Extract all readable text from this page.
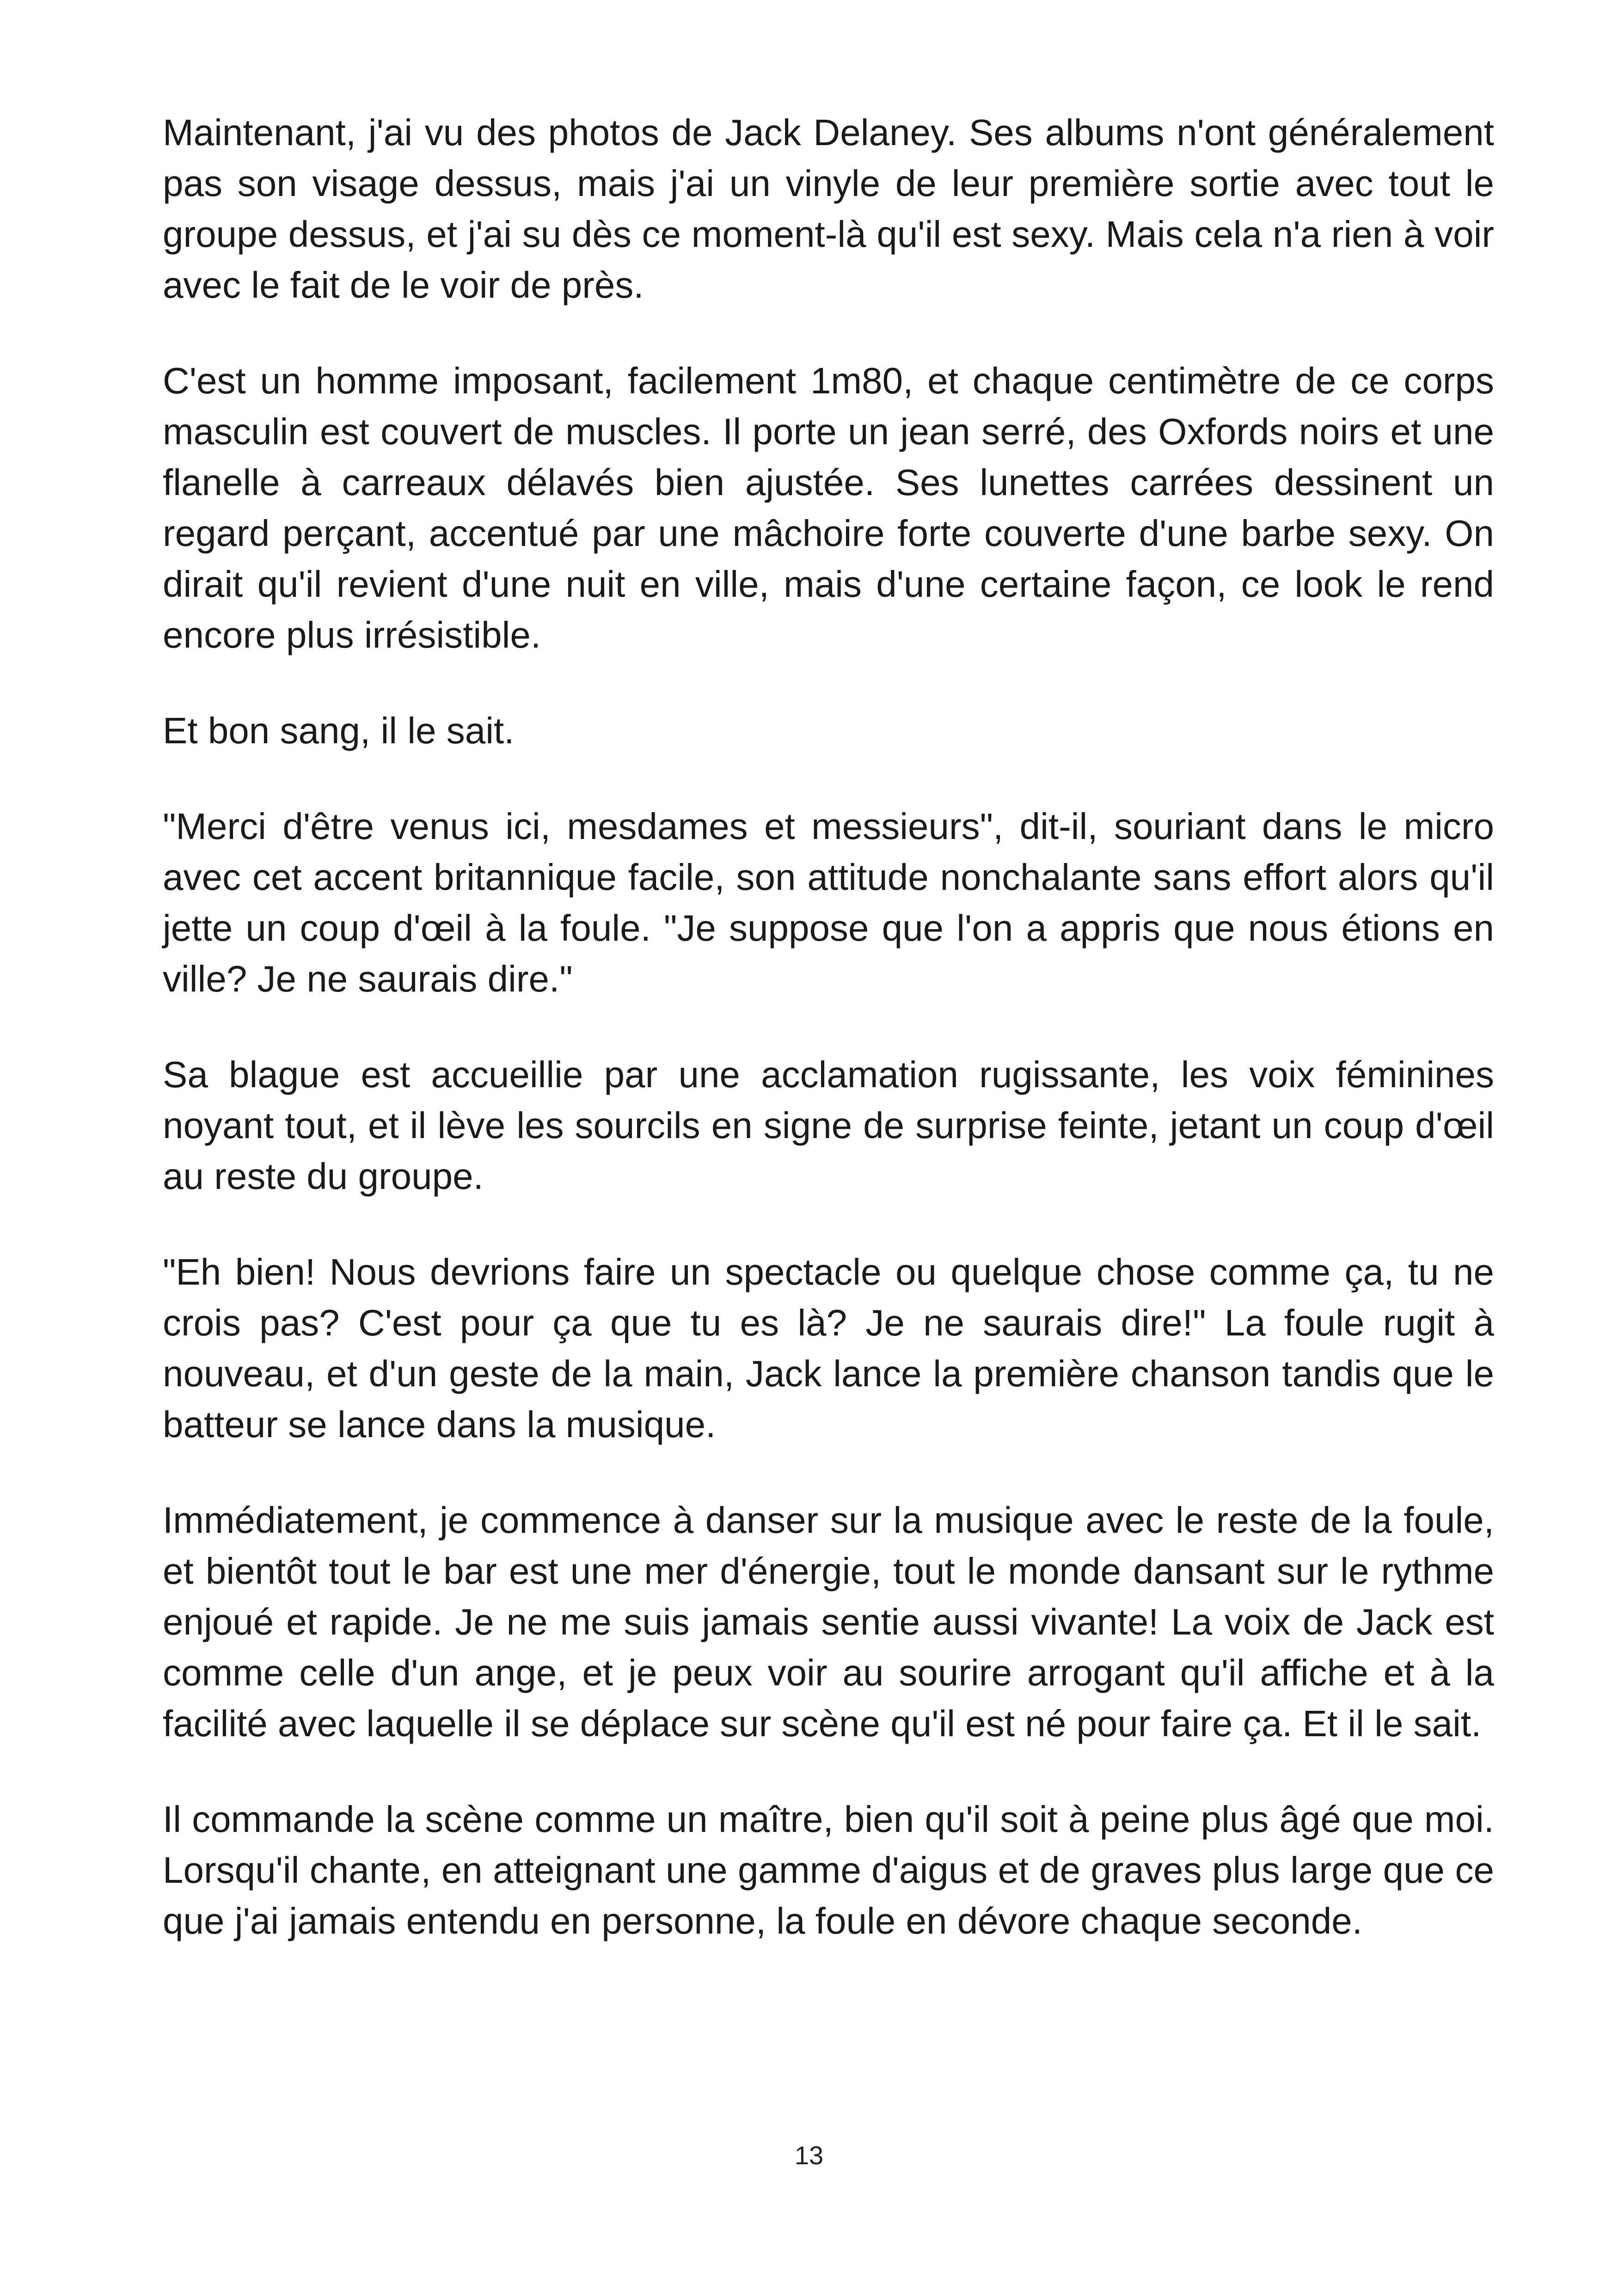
Maintenant, j'ai vu des photos de Jack Delaney. Ses albums n'ont généralement pas son visage dessus, mais j'ai un vinyle de leur première sortie avec tout le groupe dessus, et j'ai su dès ce moment-là qu'il est sexy. Mais cela n'a rien à voir avec le fait de le voir de près.

C'est un homme imposant, facilement 1m80, et chaque centimètre de ce corps masculin est couvert de muscles. Il porte un jean serré, des Oxfords noirs et une flanelle à carreaux délavés bien ajustée. Ses lunettes carrées dessinent un regard perçant, accentué par une mâchoire forte couverte d'une barbe sexy. On dirait qu'il revient d'une nuit en ville, mais d'une certaine façon, ce look le rend encore plus irrésistible.

Et bon sang, il le sait.

"Merci d'être venus ici, mesdames et messieurs", dit-il, souriant dans le micro avec cet accent britannique facile, son attitude nonchalante sans effort alors qu'il jette un coup d'œil à la foule. "Je suppose que l'on a appris que nous étions en ville? Je ne saurais dire."

Sa blague est accueillie par une acclamation rugissante, les voix féminines noyant tout, et il lève les sourcils en signe de surprise feinte, jetant un coup d'œil au reste du groupe.

"Eh bien! Nous devrions faire un spectacle ou quelque chose comme ça, tu ne crois pas? C'est pour ça que tu es là? Je ne saurais dire!" La foule rugit à nouveau, et d'un geste de la main, Jack lance la première chanson tandis que le batteur se lance dans la musique.

Immédiatement, je commence à danser sur la musique avec le reste de la foule, et bientôt tout le bar est une mer d'énergie, tout le monde dansant sur le rythme enjoué et rapide. Je ne me suis jamais sentie aussi vivante! La voix de Jack est comme celle d'un ange, et je peux voir au sourire arrogant qu'il affiche et à la facilité avec laquelle il se déplace sur scène qu'il est né pour faire ça. Et il le sait.

Il commande la scène comme un maître, bien qu'il soit à peine plus âgé que moi. Lorsqu'il chante, en atteignant une gamme d'aigus et de graves plus large que ce que j'ai jamais entendu en personne, la foule en dévore chaque seconde.

13
